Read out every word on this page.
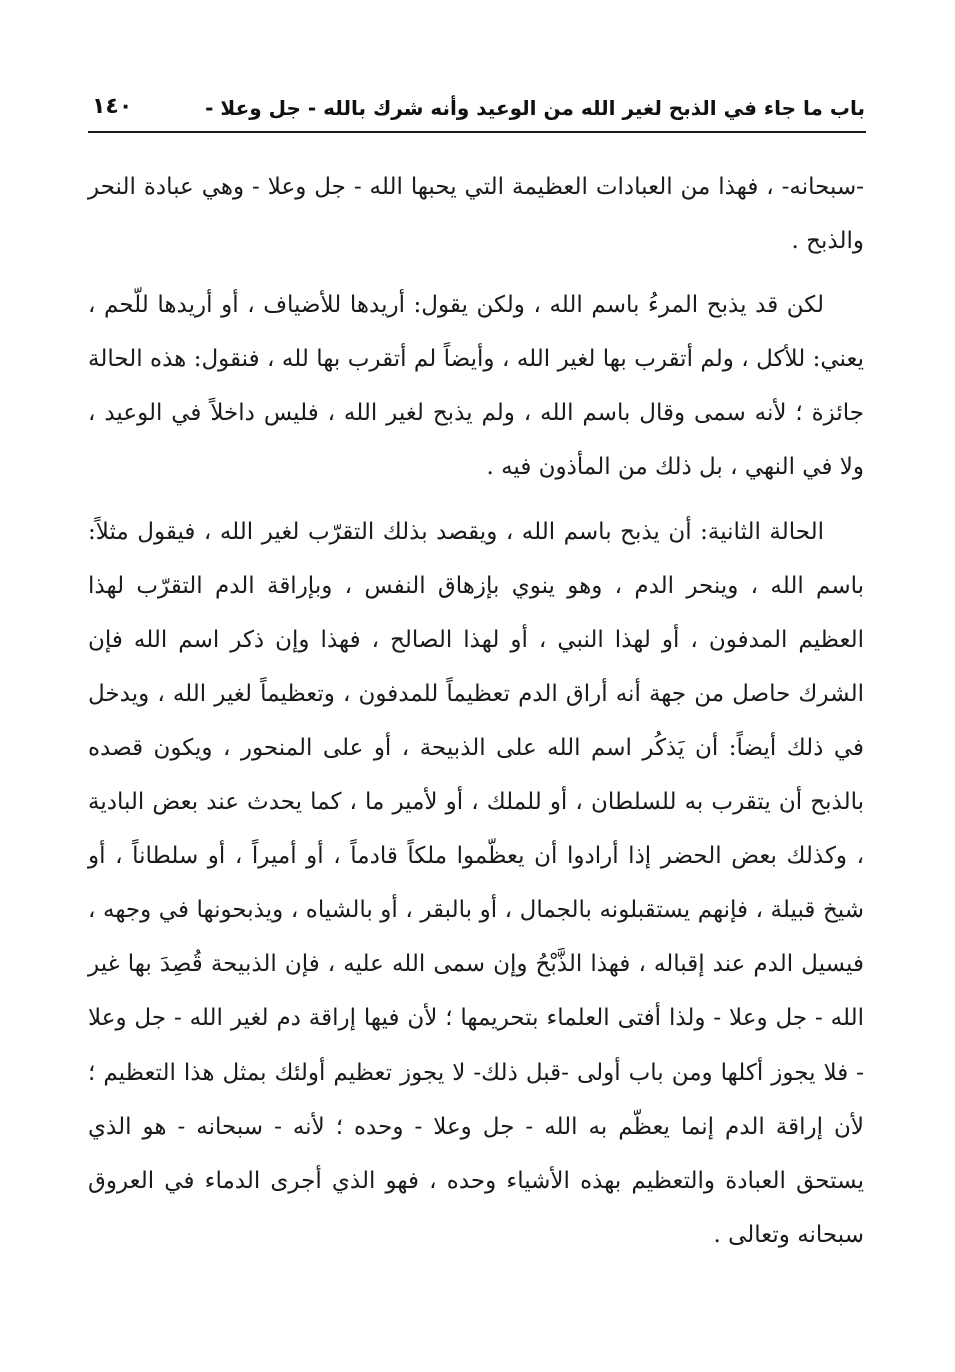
باب ما جاء في الذبح لغير الله من الوعيد وأنه شرك بالله - جل وعلا -
١٤٠

-سبحانه- ، فهذا من العبادات العظيمة التي يحبها الله - جل وعلا - وهي عبادة النحر والذبح .

لكن قد يذبح المرءُ باسم الله ، ولكن يقول: أريدها للأضياف ، أو أريدها للّحم ، يعني: للأكل ، ولم أتقرب بها لغير الله ، وأيضاً لم أتقرب بها لله ، فنقول: هذه الحالة جائزة ؛ لأنه سمى وقال باسم الله ، ولم يذبح لغير الله ، فليس داخلاً في الوعيد ، ولا في النهي ، بل ذلك من المأذون فيه .

الحالة الثانية: أن يذبح باسم الله ، ويقصد بذلك التقرّب لغير الله ، فيقول مثلاً: باسم الله ، وينحر الدم ، وهو ينوي بإزهاق النفس ، وبإراقة الدم التقرّب لهذا العظيم المدفون ، أو لهذا النبي ، أو لهذا الصالح ، فهذا وإن ذكر اسم الله فإن الشرك حاصل من جهة أنه أراق الدم تعظيماً للمدفون ، وتعظيماً لغير الله ، ويدخل في ذلك أيضاً: أن يَذكُر اسم الله على الذبيحة ، أو على المنحور ، ويكون قصده بالذبح أن يتقرب به للسلطان ، أو للملك ، أو لأمير ما ، كما يحدث عند بعض البادية ، وكذلك بعض الحضر إذا أرادوا أن يعظّموا ملكاً قادماً ، أو أميراً ، أو سلطاناً ، أو شيخ قبيلة ، فإنهم يستقبلونه بالجمال ، أو بالبقر ، أو بالشياه ، ويذبحونها في وجهه ، فيسيل الدم عند إقباله ، فهذا الذَّبْحُ وإن سمى الله عليه ، فإن الذبيحة قُصِدَ بها غير الله - جل وعلا - ولذا أفتى العلماء بتحريمها ؛ لأن فيها إراقة دم لغير الله - جل وعلا - فلا يجوز أكلها ومن باب أولى -قبل ذلك- لا يجوز تعظيم أولئك بمثل هذا التعظيم ؛ لأن إراقة الدم إنما يعظّم به الله - جل وعلا - وحده ؛ لأنه - سبحانه - هو الذي يستحق العبادة والتعظيم بهذه الأشياء وحده ، فهو الذي أجرى الدماء في العروق سبحانه وتعالى .
